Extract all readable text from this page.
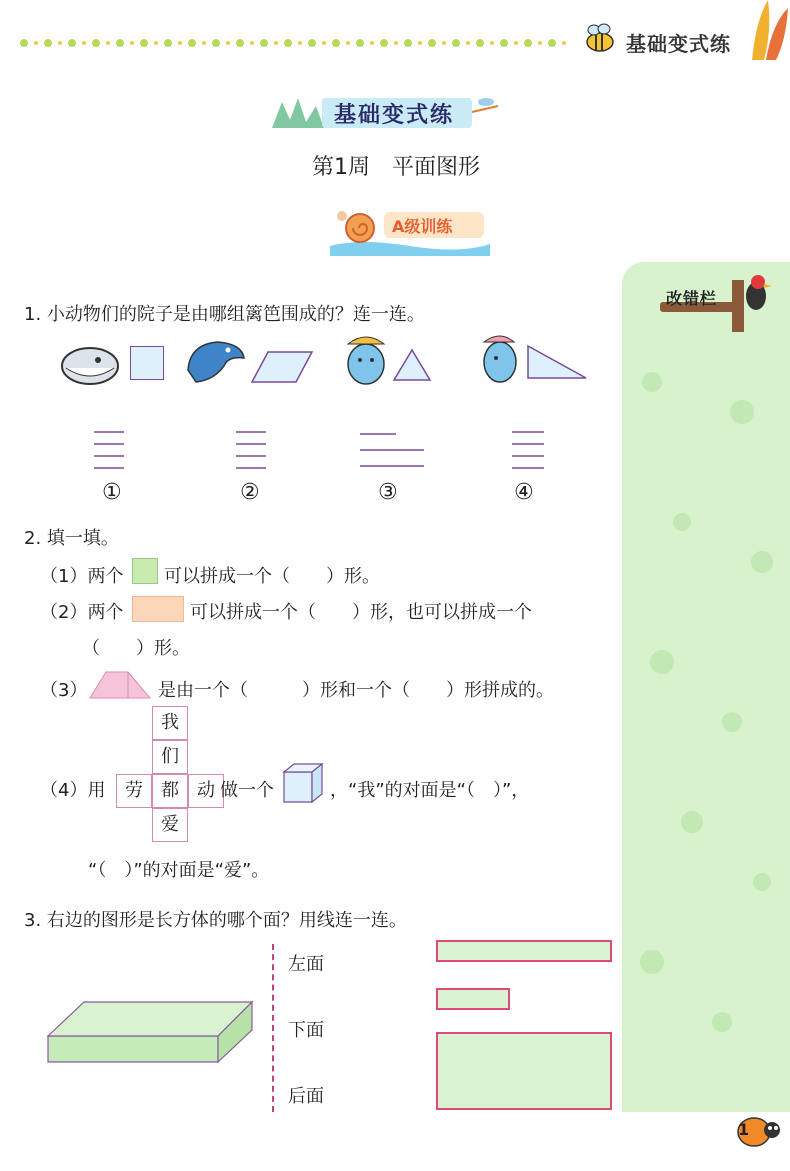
基础变式练
基础变式练
第1周　平面图形
A级训练
改错栏
1. 小动物们的院子是由哪组篱笆围成的？连一连。
①	②	③	④
2. 填一填。
（1）两个 可以拼成一个（　　）形。
（2）两个	可以拼成一个（　　）形，也可以拼成一个
（　　）形。
（3）	是由一个（　　　）形和一个（　　）形拼成的。
我
们
劳	都	动
爱
（4）用	做一个	，“我”的对面是“（　）”，
“（　）”的对面是“爱”。
3. 右边的图形是长方体的哪个面？用线连一连。
左面
下面
后面
1
